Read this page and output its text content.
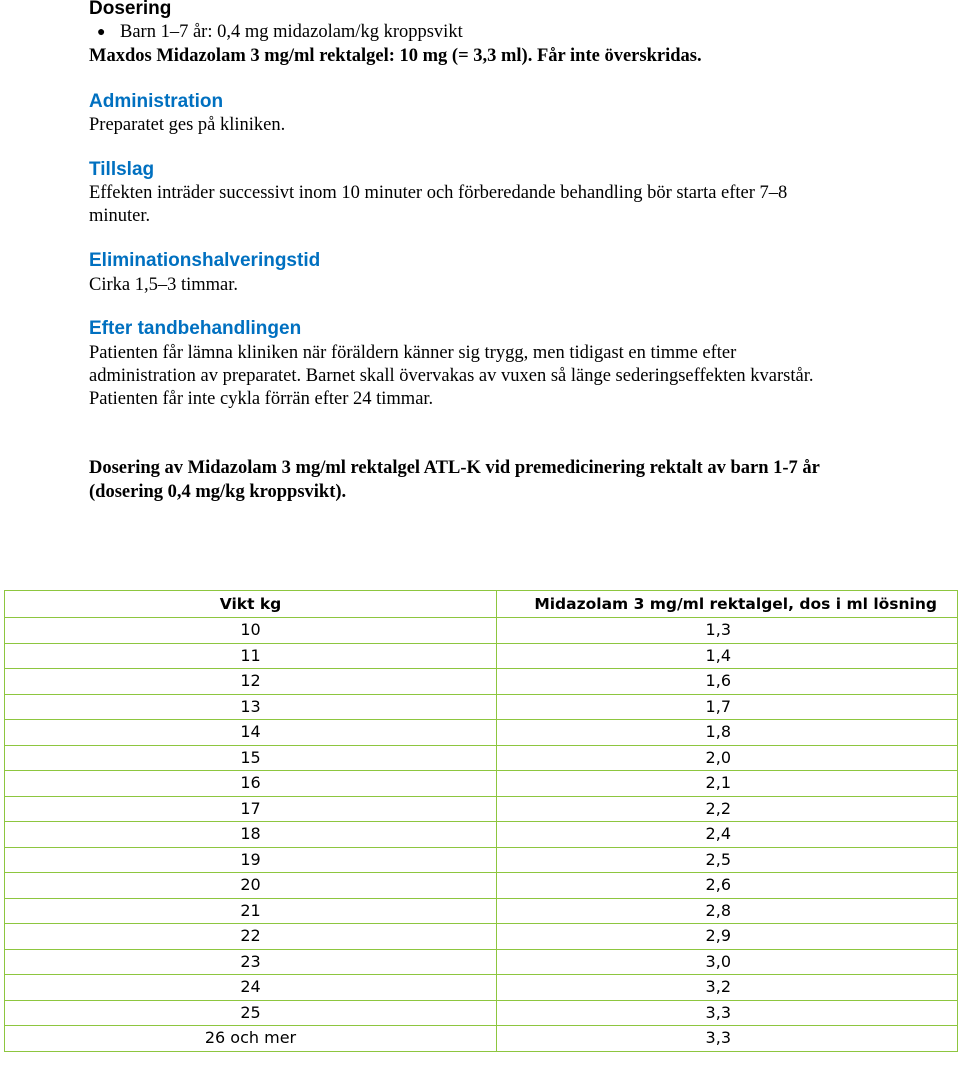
Dosering
● Barn 1–7 år: 0,4 mg midazolam/kg kroppsvikt

Maxdos Midazolam 3 mg/ml rektalgel: 10 mg (= 3,3 ml). Får inte överskridas.

Administration

Preparatet ges på kliniken.

Tillslag

Effekten inträder successivt inom 10 minuter och förberedande behandling bör starta efter 7–8 minuter.

Eliminationshalveringstid

Cirka 1,5–3 timmar.

Efter tandbehandlingen

Patienten får lämna kliniken när föräldern känner sig trygg, men tidigast en timme efter administration av preparatet. Barnet skall övervakas av vuxen så länge sederingseffekten kvarstår. Patienten får inte cykla förrän efter 24 timmar.

Dosering av Midazolam 3 mg/ml rektalgel ATL-K vid premedicinering rektalt av barn 1-7 år (dosering 0,4 mg/kg kroppsvikt).

Vikt kg	Midazolam 3 mg/ml rektalgel, dos i ml lösning
10	1,3
11	1,4
12	1,6
13	1,7
14	1,8
15	2,0
16	2,1
17	2,2
18	2,4
19	2,5
20	2,6
21	2,8
22	2,9
23	3,0
24	3,2
25	3,3
26 och mer	3,3
